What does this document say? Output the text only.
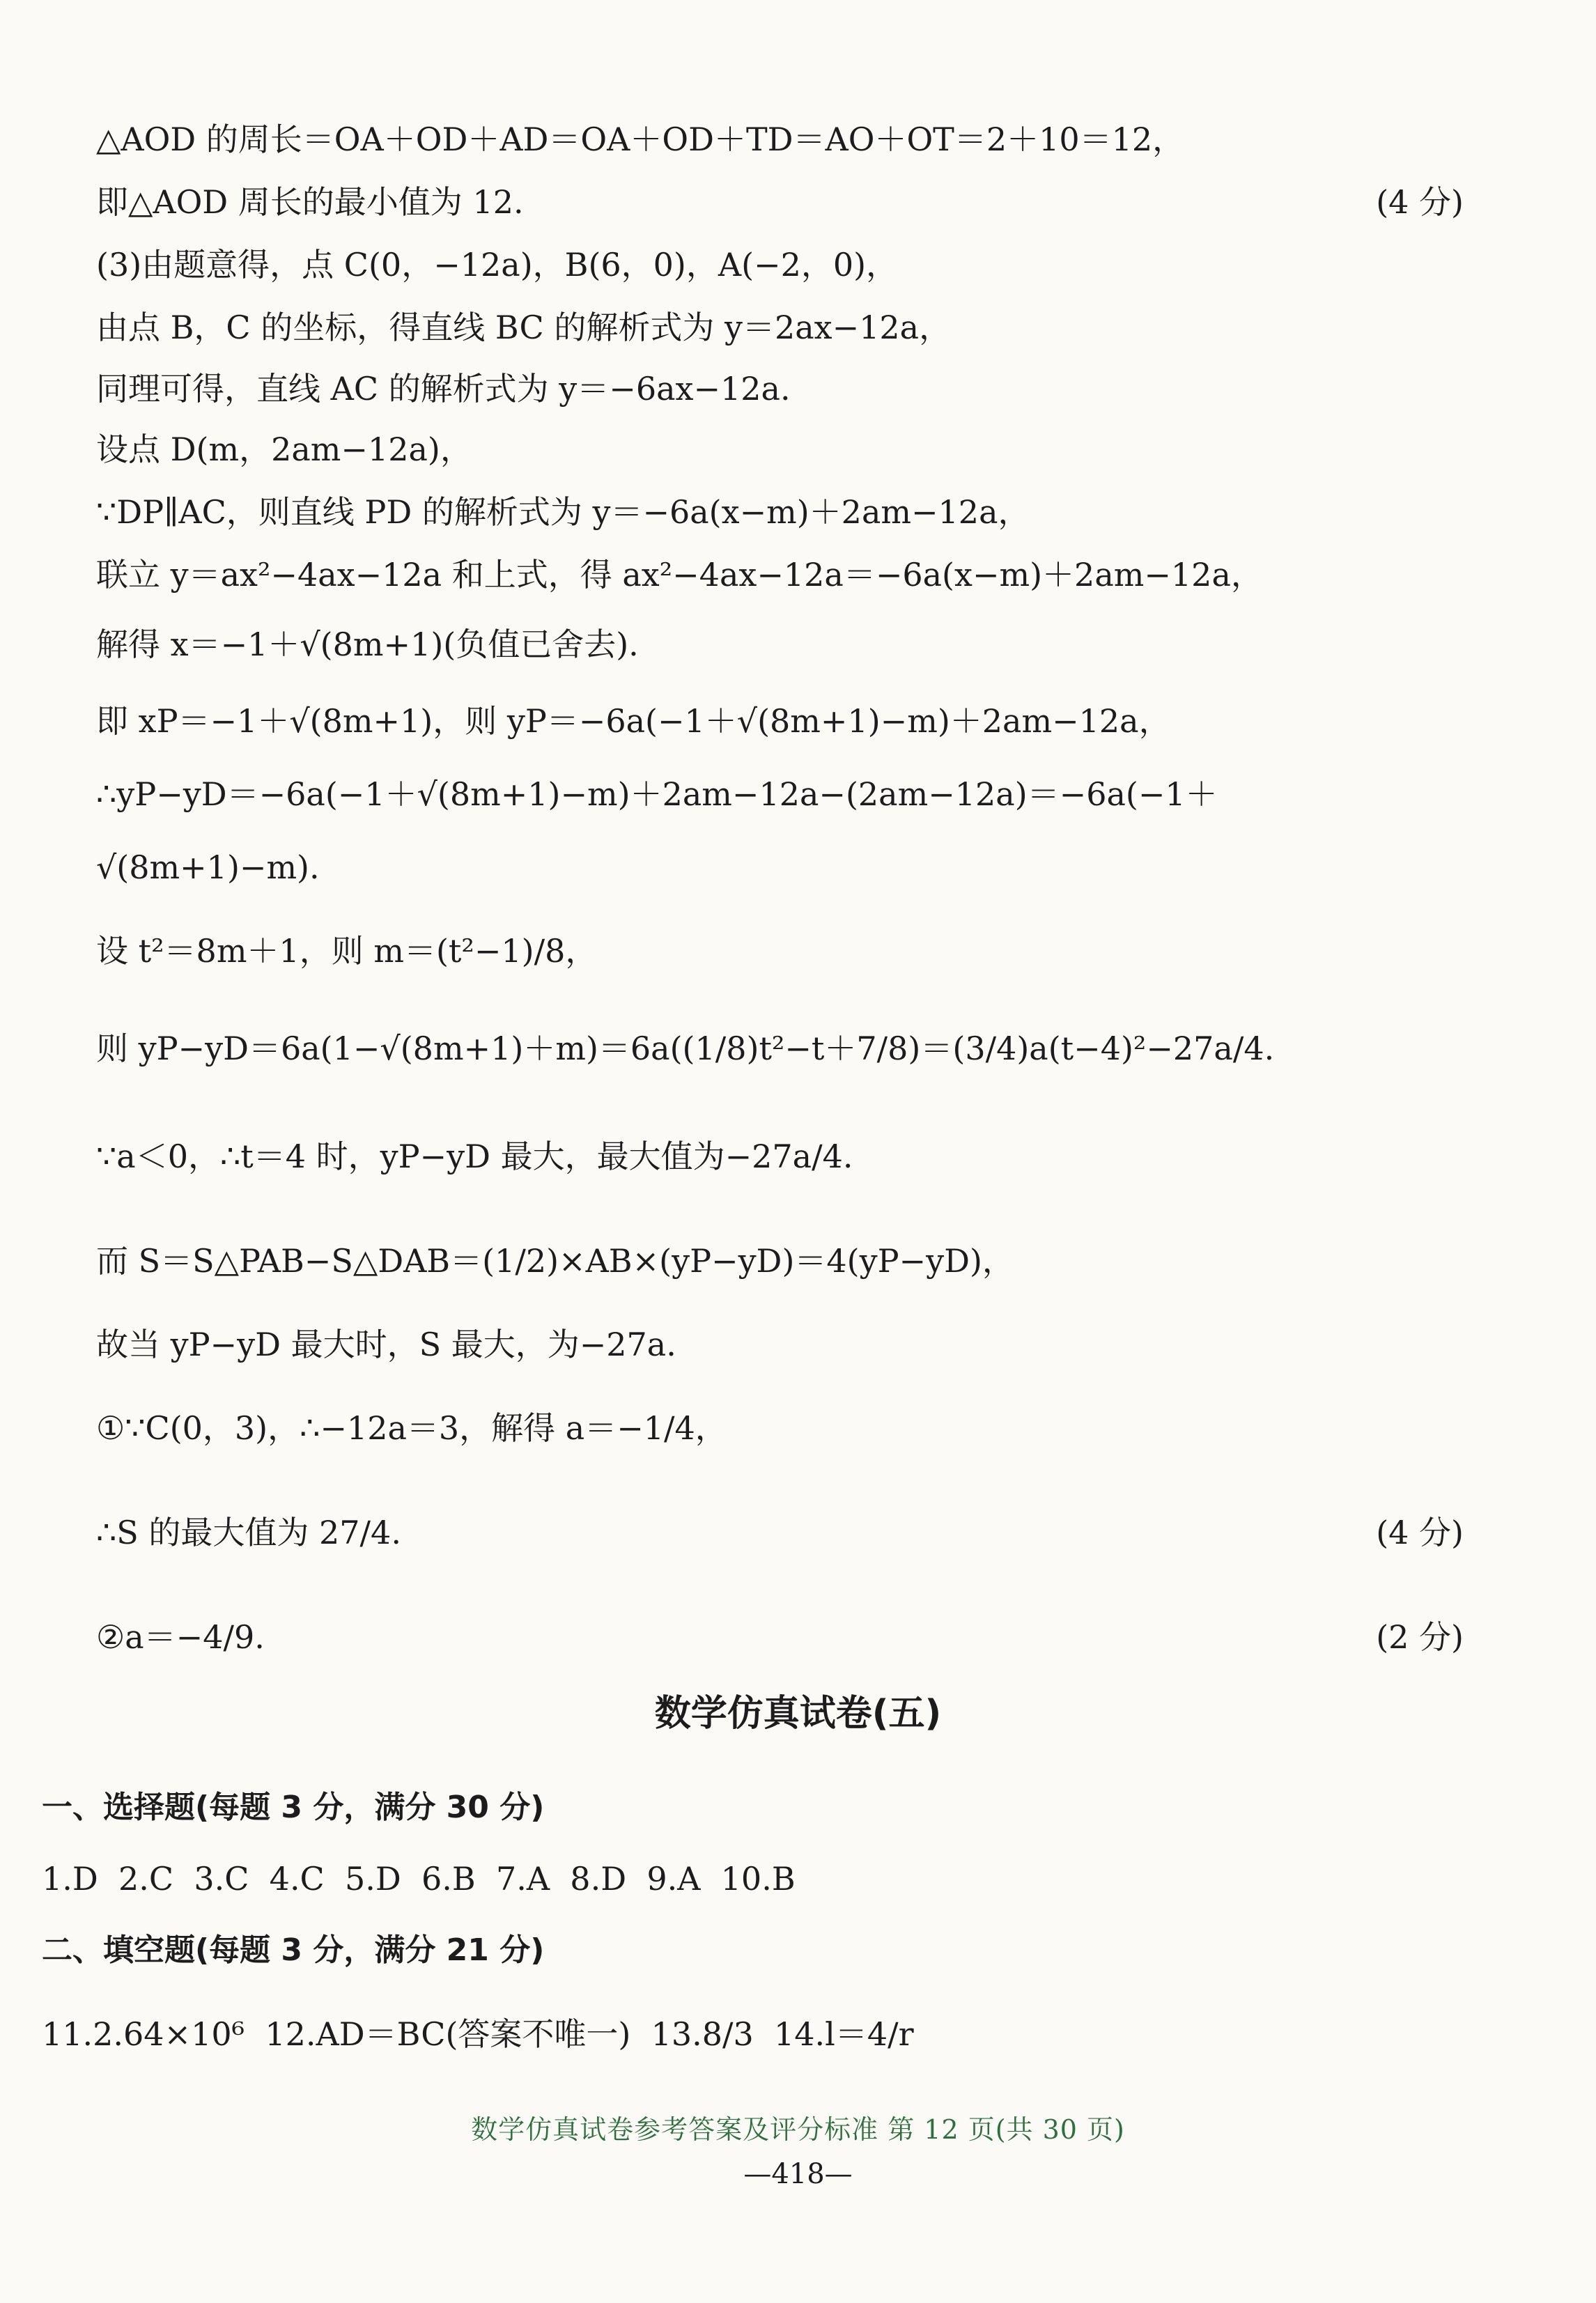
△AOD 的周长＝OA＋OD＋AD＝OA＋OD＋TD＝AO＋OT＝2＋10＝12，
即△AOD 周长的最小值为 12.	(4 分)
(3)由题意得，点 C(0，−12a)，B(6，0)，A(−2，0)，
由点 B，C 的坐标，得直线 BC 的解析式为 y＝2ax−12a，
同理可得，直线 AC 的解析式为 y＝−6ax−12a.
设点 D(m，2am−12a)，
∵DP∥AC，则直线 PD 的解析式为 y＝−6a(x−m)＋2am−12a，
联立 y＝ax²−4ax−12a 和上式，得 ax²−4ax−12a＝−6a(x−m)＋2am−12a，
解得 x＝−1＋√(8m+1)(负值已舍去).
即 xP＝−1＋√(8m+1)，则 yP＝−6a(−1＋√(8m+1)−m)＋2am−12a，
∴yP−yD＝−6a(−1＋√(8m+1)−m)＋2am−12a−(2am−12a)＝−6a(−1＋
√(8m+1)−m).
设 t²＝8m＋1，则 m＝(t²−1)/8，
则 yP−yD＝6a(1−√(8m+1)＋m)＝6a((1/8)t²−t＋7/8)＝(3/4)a(t−4)²−27a/4.
∵a＜0，∴t＝4 时，yP−yD 最大，最大值为−27a/4.
而 S＝S△PAB−S△DAB＝(1/2)×AB×(yP−yD)＝4(yP−yD)，
故当 yP−yD 最大时，S 最大，为−27a.
①∵C(0，3)，∴−12a＝3，解得 a＝−1/4，
∴S 的最大值为 27/4.	(4 分)
②a＝−4/9.	(2 分)
数学仿真试卷(五)
一、选择题(每题 3 分，满分 30 分)
1.D  2.C  3.C  4.C  5.D  6.B  7.A  8.D  9.A  10.B
二、填空题(每题 3 分，满分 21 分)
11.2.64×10⁶  12.AD＝BC(答案不唯一)  13.8/3  14.l＝4/r
数学仿真试卷参考答案及评分标准 第 12 页(共 30 页)
—418—
